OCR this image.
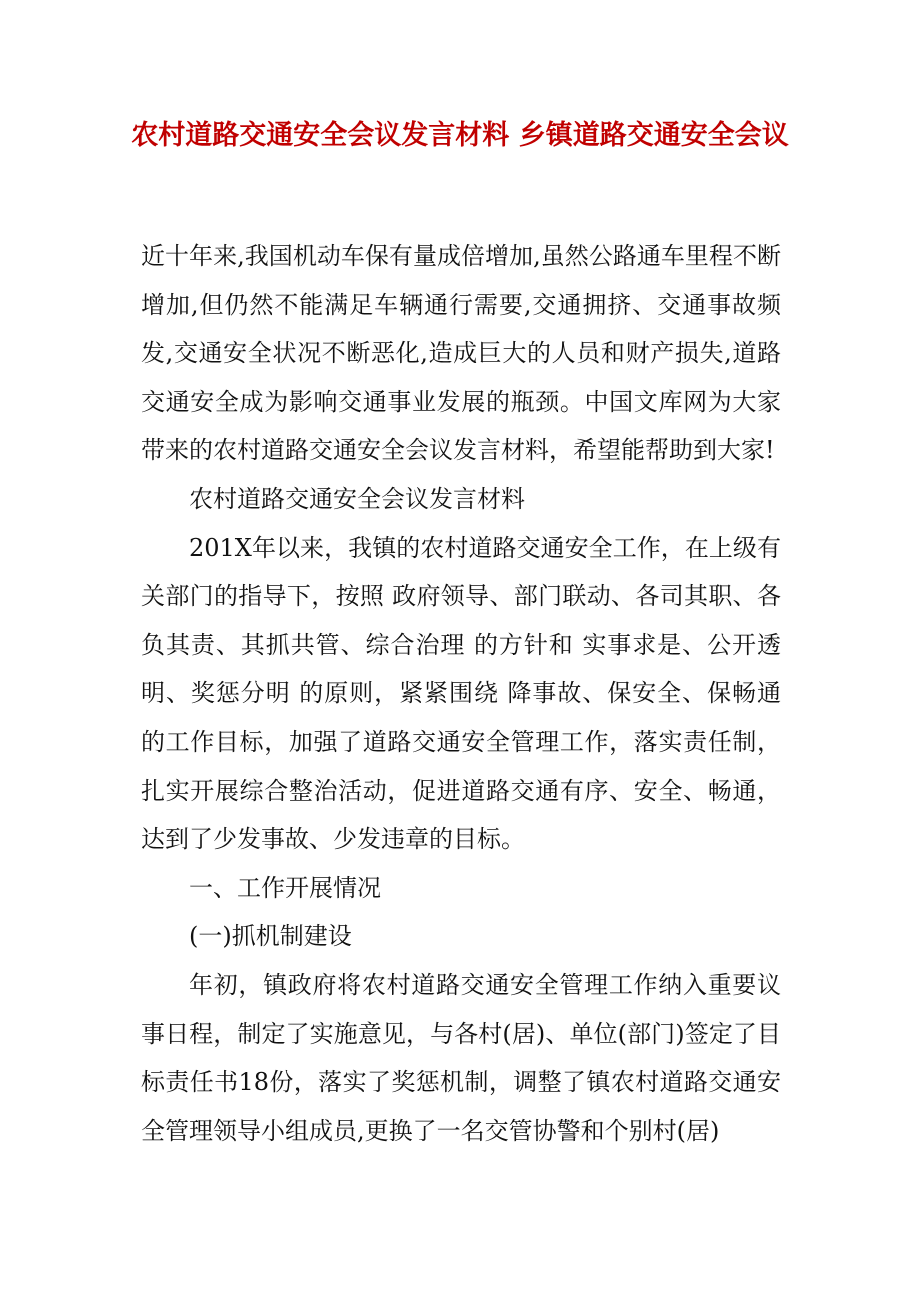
农村道路交通安全会议发言材料 乡镇道路交通安全会议

近十年来,我国机动车保有量成倍增加,虽然公路通车里程不断增加,但仍然不能满足车辆通行需要,交通拥挤、交通事故频发,交通安全状况不断恶化,造成巨大的人员和财产损失,道路交通安全成为影响交通事业发展的瓶颈。中国文库网为大家带来的农村道路交通安全会议发言材料，希望能帮助到大家!

农村道路交通安全会议发言材料

201X年以来，我镇的农村道路交通安全工作，在上级有关部门的指导下，按照 政府领导、部门联动、各司其职、各负其责、其抓共管、综合治理 的方针和 实事求是、公开透明、奖惩分明 的原则，紧紧围绕 降事故、保安全、保畅通 的工作目标，加强了道路交通安全管理工作，落实责任制，扎实开展综合整治活动，促进道路交通有序、安全、畅通，达到了少发事故、少发违章的目标。

一、工作开展情况

(一)抓机制建设

年初，镇政府将农村道路交通安全管理工作纳入重要议事日程，制定了实施意见，与各村(居)、单位(部门)签定了目标责任书18份，落实了奖惩机制，调整了镇农村道路交通安全管理领导小组成员,更换了一名交管协警和个别村(居)
